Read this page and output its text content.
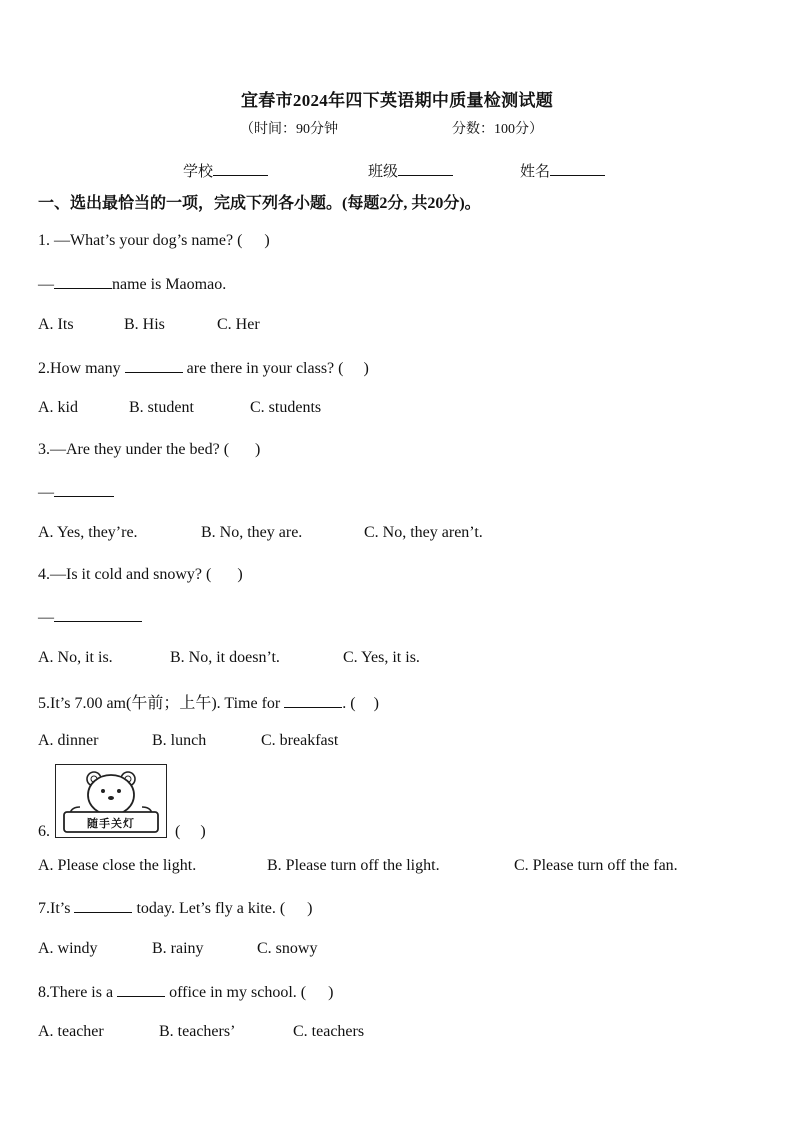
宜春市2024年四下英语期中质量检测试题
（时间：90分钟	分数：100分）
学校	班级	姓名
一、选出最恰当的一项，完成下列各小题。(每题2分, 共20分)。
1. —What’s your dog’s name? ( )
—	name is Maomao.
A. Its	B. His	C. Her
2.How many	are there in your class? ( )
A. kid	B. student	C. students
3.—Are they under the bed? ( )
—
A. Yes, they’re.	B. No, they are.	C. No, they aren’t.
4.—Is it cold and snowy? ( )
—
A. No, it is.	B. No, it doesn’t.	C. Yes, it is.
5.It’s 7.00 am(午前；上午). Time for	. ( )
A. dinner	B. lunch	C. breakfast
6.	随手关灯	( )
A. Please close the light.	B. Please turn off the light.	C. Please turn off the fan.
7.It’s	today. Let’s fly a kite. ( )
A. windy	B. rainy	C. snowy
8.There is a	office in my school. ( )
A. teacher	B. teachers’	C. teachers
